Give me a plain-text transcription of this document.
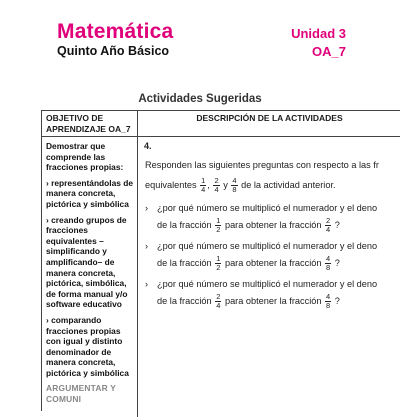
Matemática
Quinto Año Básico
Unidad 3
OA_7
Actividades Sugeridas
OBJETIVO DE APRENDIZAJE OA_7
DESCRIPCIÓN DE LA ACTIVIDADES

Demostrar que comprende las fracciones propias:

› representándolas de manera concreta, pictórica y simbólica

› creando grupos de fracciones equivalentes – simplificando y amplificando– de manera concreta, pictórica, simbólica, de forma manual y/o software educativo

› comparando fracciones propias con igual y distinto denominador de manera concreta, pictórica y simbólica

ARGUMENTAR Y COMUNI

4.
Responden las siguientes preguntas con respecto a las fr
equivalentes $\frac{1}{4}$ , $\frac{2}{4}$ y $\frac{4}{8}$ de la actividad anterior.
› ¿por qué número se multiplicó el numerador y el deno
de la fracción $\frac{1}{2}$ para obtener la fracción $\frac{2}{4}$ ?
› ¿por qué número se multiplicó el numerador y el deno
de la fracción $\frac{1}{2}$ para obtener la fracción $\frac{4}{8}$ ?
› ¿por qué número se multiplicó el numerador y el deno
de la fracción $\frac{2}{4}$ para obtener la fracción $\frac{4}{8}$ ?
